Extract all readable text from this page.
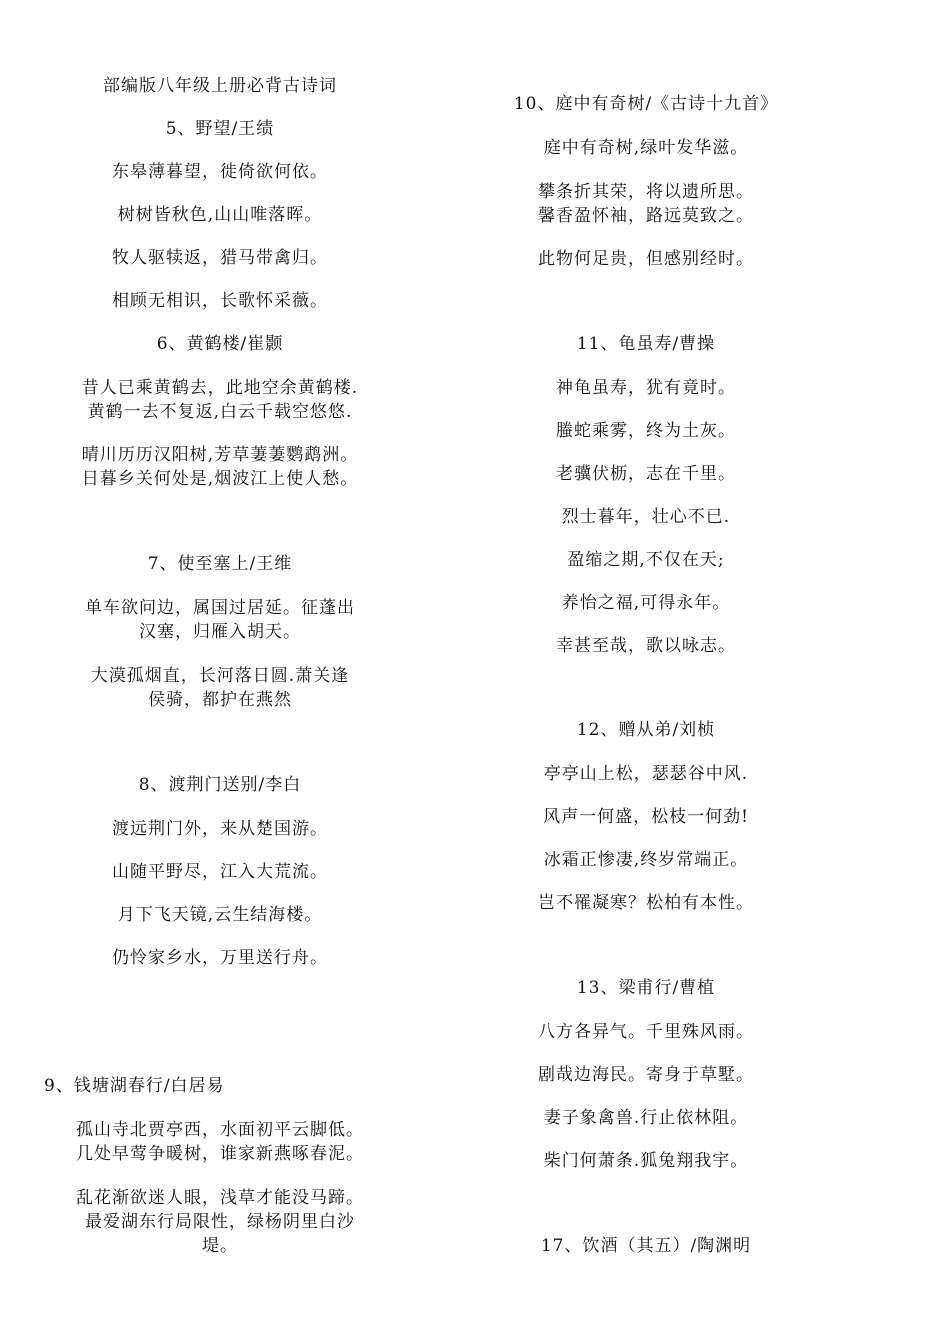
部编版八年级上册必背古诗词
5、野望/王绩
东皋薄暮望，徙倚欲何依。
树树皆秋色,山山唯落晖。
牧人驱犊返，猎马带禽归。
相顾无相识，长歌怀采薇。
6、黄鹤楼/崔颢
昔人已乘黄鹤去，此地空余黄鹤楼.
黄鹤一去不复返,白云千载空悠悠.
晴川历历汉阳树,芳草萋萋鹦鹉洲。
日暮乡关何处是,烟波江上使人愁。
7、使至塞上/王维
单车欲问边，属国过居延。征蓬出
汉塞，归雁入胡天。
大漠孤烟直，长河落日圆.萧关逢
侯骑，都护在燕然
8、渡荆门送别/李白
渡远荆门外，来从楚国游。
山随平野尽，江入大荒流。
月下飞天镜,云生结海楼。
仍怜家乡水，万里送行舟。
9、钱塘湖春行/白居易
孤山寺北贾亭西，水面初平云脚低。
几处早莺争暖树，谁家新燕啄春泥。
乱花渐欲迷人眼，浅草才能没马蹄。
最爱湖东行局限性，绿杨阴里白沙
堤。
10、庭中有奇树/《古诗十九首》
庭中有奇树,绿叶发华滋。
攀条折其荣，将以遗所思。
馨香盈怀袖，路远莫致之。
此物何足贵，但感别经时。
11、龟虽寿/曹操
神龟虽寿，犹有竟时。
螣蛇乘雾，终为土灰。
老骥伏枥，志在千里。
烈士暮年，壮心不已.
盈缩之期,不仅在天;
养怡之福,可得永年。
幸甚至哉，歌以咏志。
12、赠从弟/刘桢
亭亭山上松，瑟瑟谷中风.
风声一何盛，松枝一何劲!
冰霜正惨凄,终岁常端正。
岂不罹凝寒？松柏有本性。
13、梁甫行/曹植
八方各异气。千里殊风雨。
剧哉边海民。寄身于草墅。
妻子象禽兽.行止依林阻。
柴门何萧条.狐兔翔我宇。
17、饮酒（其五）/陶渊明
